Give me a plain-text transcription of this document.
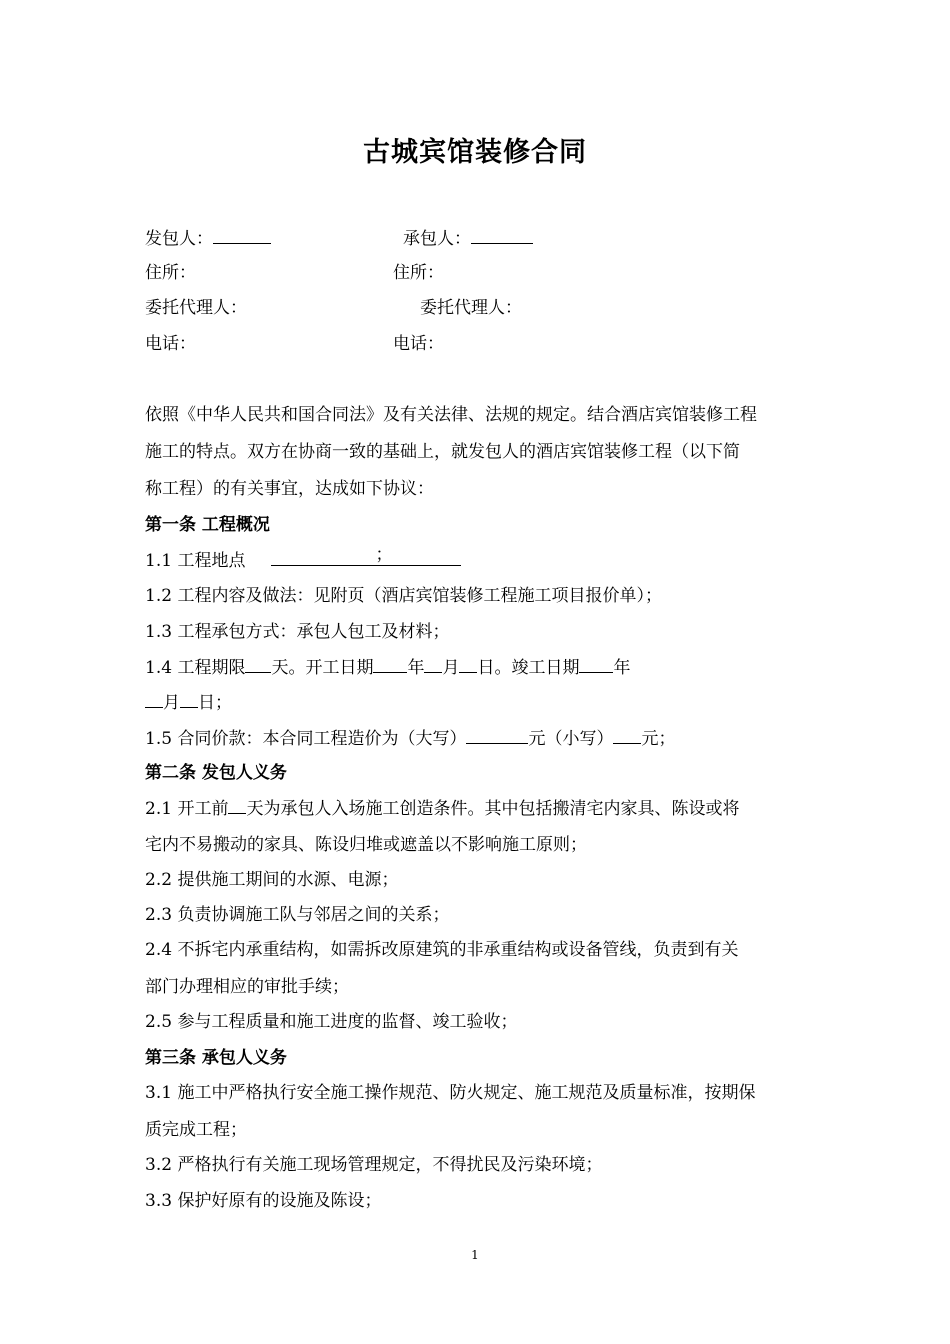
古城宾馆装修合同
发包人：	承包人：
住所：	住所：
委托代理人：	委托代理人：
电话：	电话：
依照《中华人民共和国合同法》及有关法律、法规的规定。结合酒店宾馆装修工程
施工的特点。双方在协商一致的基础上，就发包人的酒店宾馆装修工程（以下简
称工程）的有关事宜，达成如下协议：
第一条 工程概况
1.1 工程地点	；
1.2 工程内容及做法：见附页（酒店宾馆装修工程施工项目报价单）；
1.3 工程承包方式：承包人包工及材料；
1.4 工程期限 天。开工日期 年 月 日。竣工日期 年
月 日；
1.5 合同价款：本合同工程造价为（大写）	元（小写） 元；
第二条 发包人义务
2.1 开工前 天为承包人入场施工创造条件。其中包括搬清宅内家具、陈设或将
宅内不易搬动的家具、陈设归堆或遮盖以不影响施工原则；
2.2 提供施工期间的水源、电源；
2.3 负责协调施工队与邻居之间的关系；
2.4 不拆宅内承重结构，如需拆改原建筑的非承重结构或设备管线，负责到有关
部门办理相应的审批手续；
2.5 参与工程质量和施工进度的监督、竣工验收；
第三条 承包人义务
3.1 施工中严格执行安全施工操作规范、防火规定、施工规范及质量标准，按期保
质完成工程；
3.2 严格执行有关施工现场管理规定，不得扰民及污染环境；
3.3 保护好原有的设施及陈设；
1
